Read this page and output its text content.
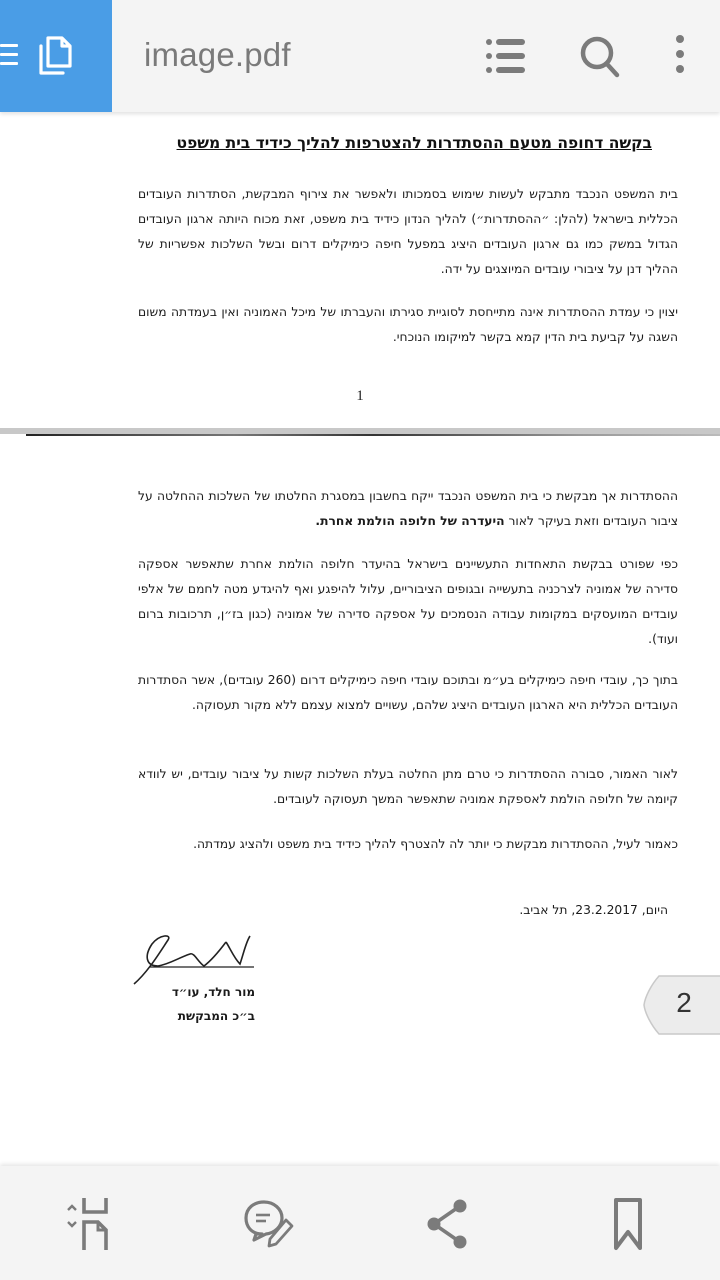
image.pdf
בקשה דחופה מטעם ההסתדרות להצטרפות להליך כידיד בית משפט
בית המשפט הנכבד מתבקש לעשות שימוש בסמכותו ולאפשר את צירוף המבקשת, הסתדרות העובדים הכללית בישראל (להלן: ״ההסתדרות״) להליך הנדון כידיד בית משפט, זאת מכוח היותה ארגון העובדים הגדול במשק כמו גם ארגון העובדים היציג במפעל חיפה כימיקלים דרום ובשל השלכות אפשריות של ההליך דנן על ציבורי עובדים המיוצגים על ידה.
יצוין כי עמדת ההסתדרות אינה מתייחסת לסוגיית סגירתו והעברתו של מיכל האמוניה ואין בעמדתה משום השגה על קביעת בית הדין קמא בקשר למיקומו הנוכחי.
1
ההסתדרות אך מבקשת כי בית המשפט הנכבד ייקח בחשבון במסגרת החלטתו של השלכות ההחלטה על ציבור העובדים וזאת בעיקר לאור היעדרה של חלופה הולמת אחרת.
כפי שפורט בבקשת התאחדות התעשיינים בישראל בהיעדר חלופה הולמת אחרת שתאפשר אספקה סדירה של אמוניה לצרכניה בתעשייה ובגופים הציבוריים, עלול להיפגע ואף להיגדע מטה לחמם של אלפי עובדים המועסקים במקומות עבודה הנסמכים על אספקה סדירה של אמוניה (כגון בז״ן, תרכובות ברום ועוד).
בתוך כך, עובדי חיפה כימיקלים בע״מ ובתוכם עובדי חיפה כימיקלים דרום (260 עובדים), אשר הסתדרות העובדים הכללית היא הארגון העובדים היציג שלהם, עשויים למצוא עצמם ללא מקור תעסוקה.
לאור האמור, סבורה ההסתדרות כי טרם מתן החלטה בעלת השלכות קשות על ציבור עובדים, יש לוודא קיומה של חלופה הולמת לאספקת אמוניה שתאפשר המשך תעסוקה לעובדים.
כאמור לעיל, ההסתדרות מבקשת כי יותר לה להצטרף להליך כידיד בית משפט ולהציג עמדתה.
היום, 23.2.2017, תל אביב.
מור חלד, עו״ד
ב״כ המבקשת	2
